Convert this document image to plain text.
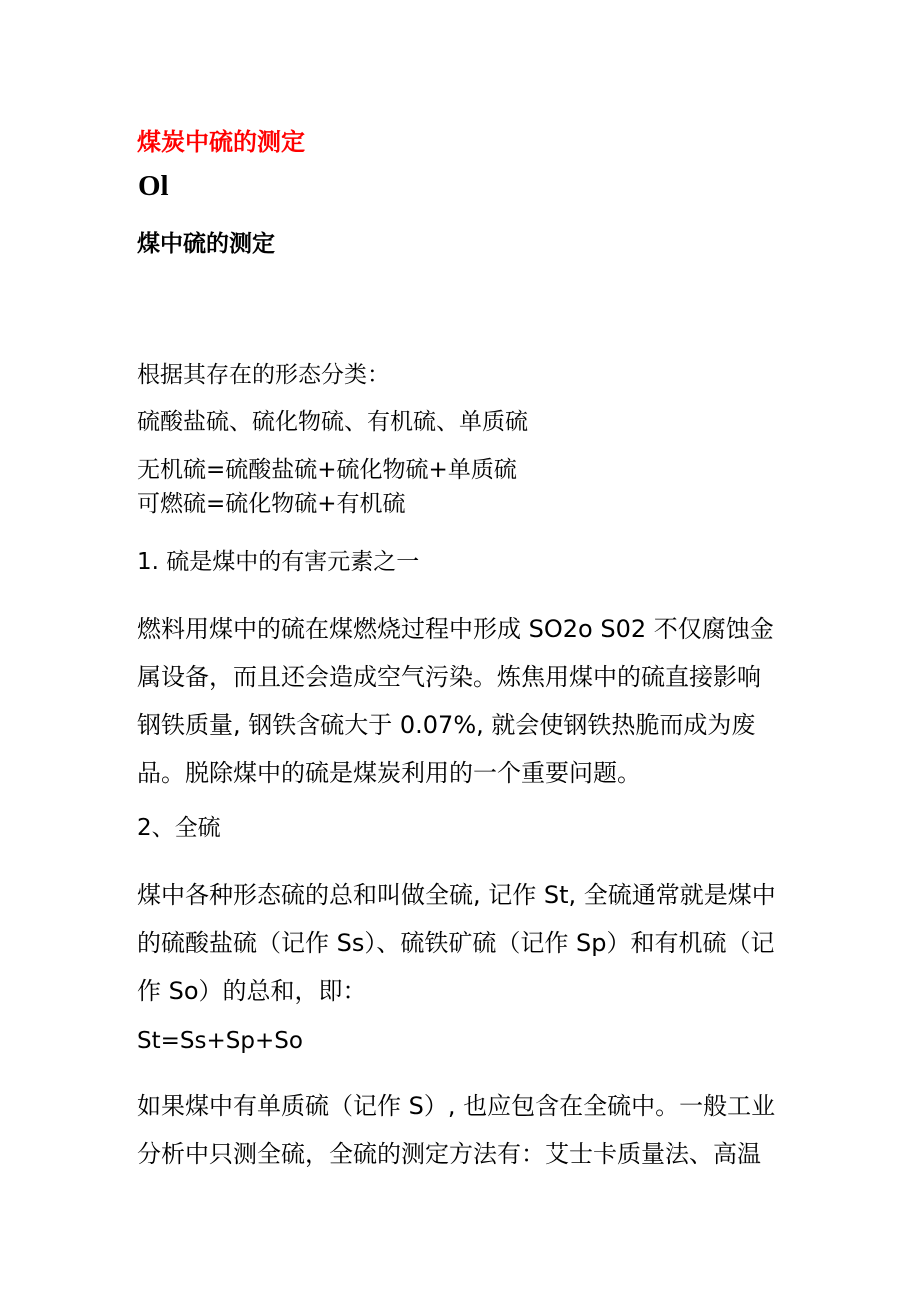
煤炭中硫的测定
Ol
煤中硫的测定
根据其存在的形态分类：
硫酸盐硫、硫化物硫、有机硫、单质硫
无机硫=硫酸盐硫+硫化物硫+单质硫
可燃硫=硫化物硫+有机硫
1. 硫是煤中的有害元素之一
燃料用煤中的硫在煤燃烧过程中形成 SO2o S02 不仅腐蚀金
属设备，而且还会造成空气污染。炼焦用煤中的硫直接影响
钢铁质量, 钢铁含硫大于 0.07%, 就会使钢铁热脆而成为废
品。脱除煤中的硫是煤炭利用的一个重要问题。
2、全硫
煤中各种形态硫的总和叫做全硫, 记作 St, 全硫通常就是煤中
的硫酸盐硫（记作 Ss）、硫铁矿硫（记作 Sp）和有机硫（记
作 So）的总和，即：
St=Ss+Sp+So
如果煤中有单质硫（记作 S）, 也应包含在全硫中。一般工业
分析中只测全硫，全硫的测定方法有：艾士卡质量法、高温
